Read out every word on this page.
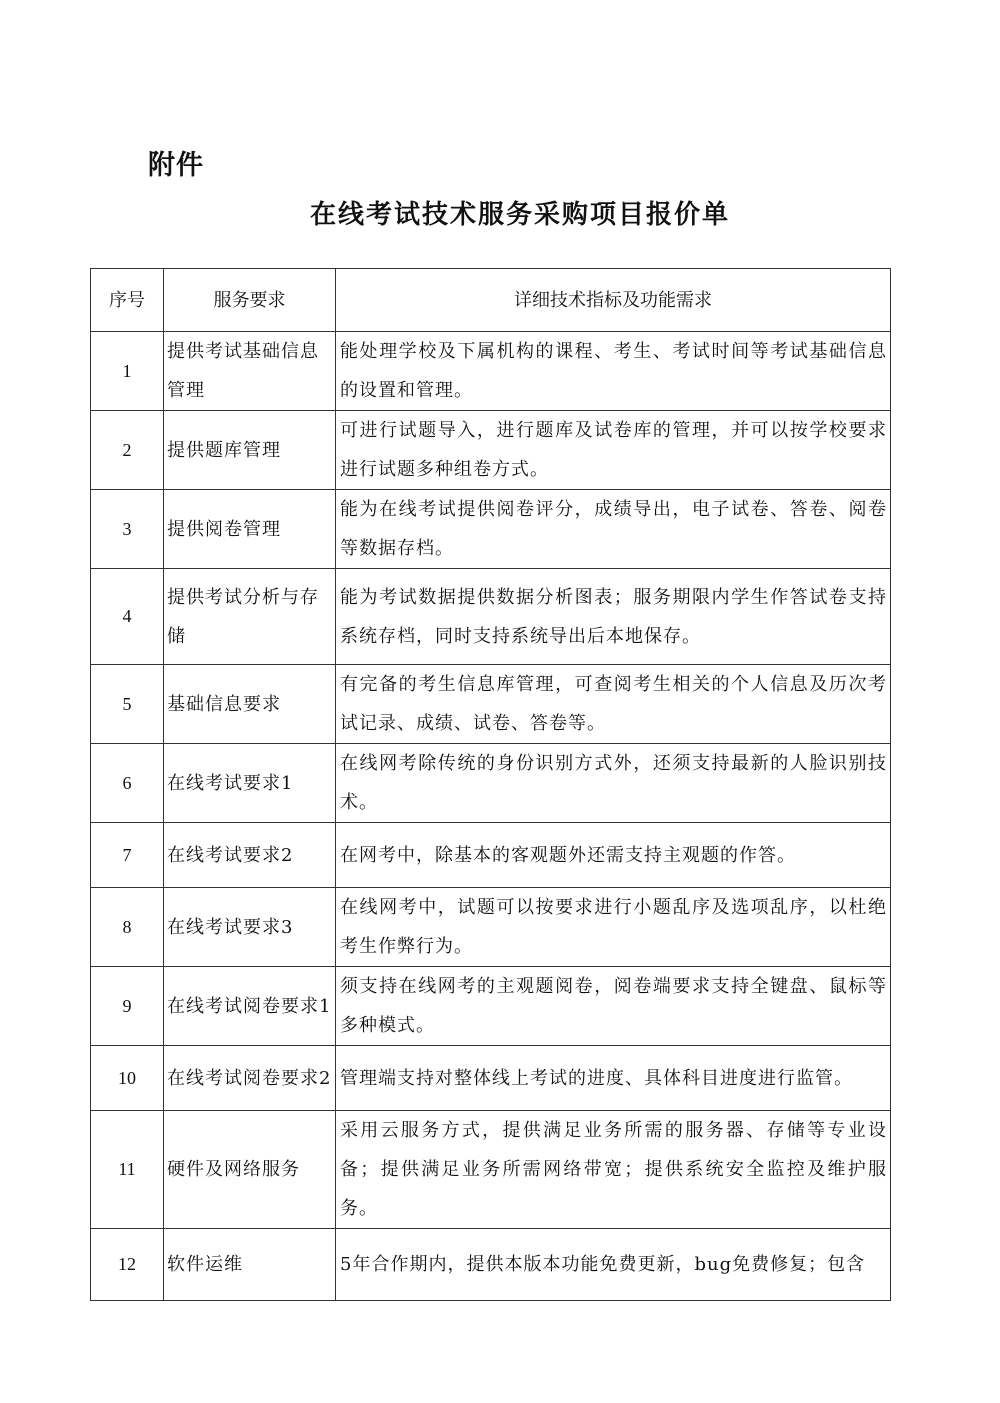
附件
在线考试技术服务采购项目报价单
序号	服务要求	详细技术指标及功能需求
1	提供考试基础信息管理	能处理学校及下属机构的课程、考生、考试时间等考试基础信息的设置和管理。
2	提供题库管理	可进行试题导入，进行题库及试卷库的管理，并可以按学校要求进行试题多种组卷方式。
3	提供阅卷管理	能为在线考试提供阅卷评分，成绩导出，电子试卷、答卷、阅卷等数据存档。
4	提供考试分析与存储	能为考试数据提供数据分析图表；服务期限内学生作答试卷支持系统存档，同时支持系统导出后本地保存。
5	基础信息要求	有完备的考生信息库管理，可查阅考生相关的个人信息及历次考试记录、成绩、试卷、答卷等。
6	在线考试要求1	在线网考除传统的身份识别方式外，还须支持最新的人脸识别技术。
7	在线考试要求2	在网考中，除基本的客观题外还需支持主观题的作答。
8	在线考试要求3	在线网考中，试题可以按要求进行小题乱序及选项乱序，以杜绝考生作弊行为。
9	在线考试阅卷要求1	须支持在线网考的主观题阅卷，阅卷端要求支持全键盘、鼠标等多种模式。
10	在线考试阅卷要求2	管理端支持对整体线上考试的进度、具体科目进度进行监管。
11	硬件及网络服务	采用云服务方式，提供满足业务所需的服务器、存储等专业设备；提供满足业务所需网络带宽；提供系统安全监控及维护服务。
12	软件运维	5年合作期内，提供本版本功能免费更新，bug免费修复；包含
